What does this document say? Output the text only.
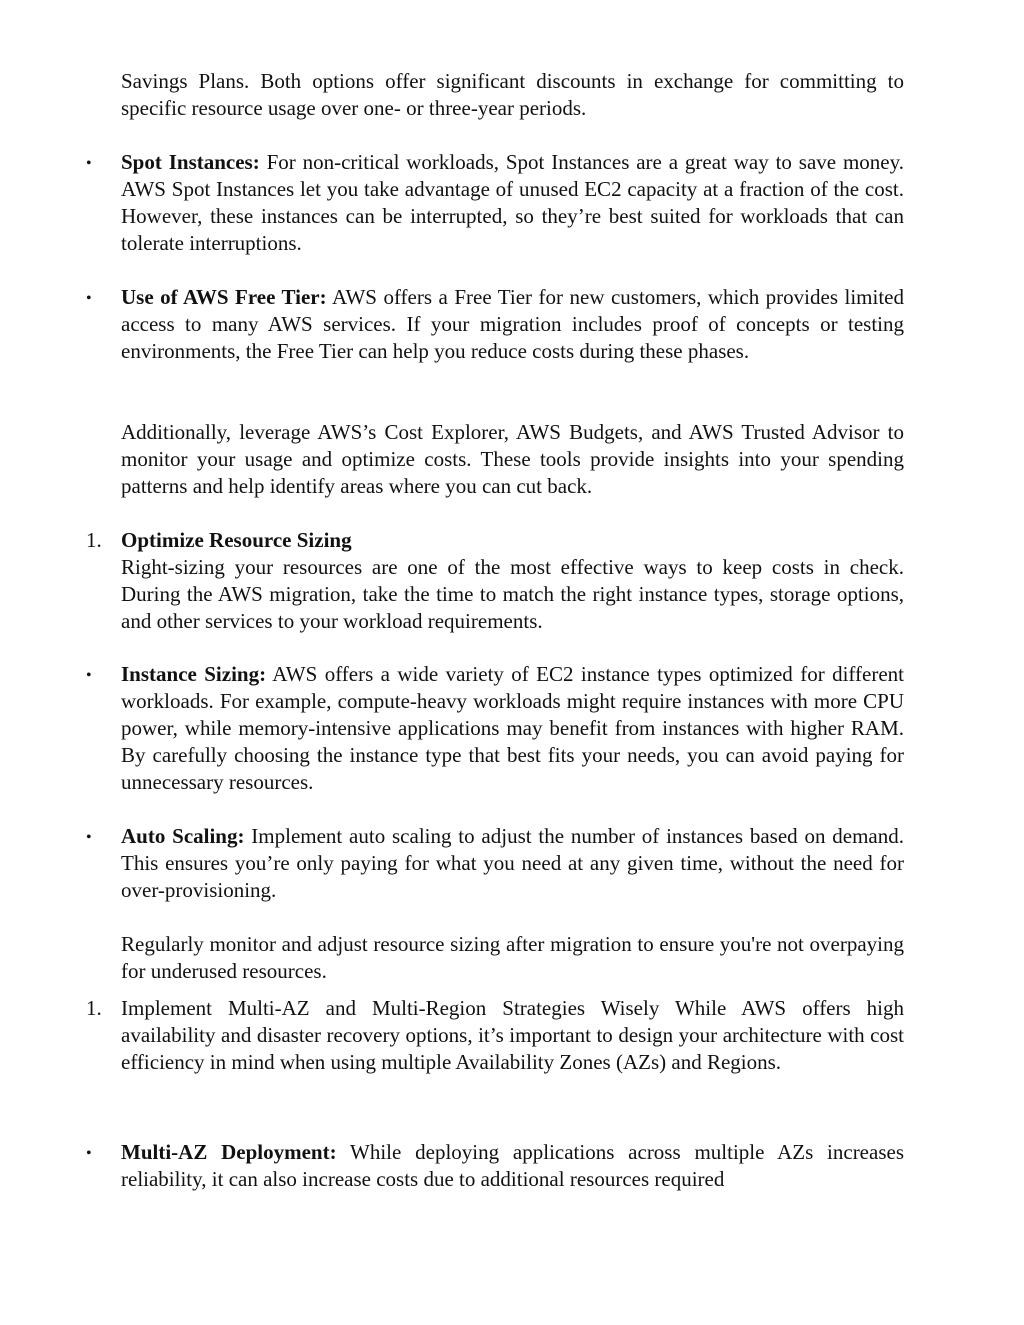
Savings Plans. Both options offer significant discounts in exchange for committing to specific resource usage over one- or three-year periods.

• Spot Instances: For non-critical workloads, Spot Instances are a great way to save money. AWS Spot Instances let you take advantage of unused EC2 capacity at a fraction of the cost. However, these instances can be interrupted, so they’re best suited for workloads that can tolerate interruptions.

• Use of AWS Free Tier: AWS offers a Free Tier for new customers, which provides limited access to many AWS services. If your migration includes proof of concepts or testing environments, the Free Tier can help you reduce costs during these phases.

Additionally, leverage AWS’s Cost Explorer, AWS Budgets, and AWS Trusted Advisor to monitor your usage and optimize costs. These tools provide insights into your spending patterns and help identify areas where you can cut back.

1. Optimize Resource Sizing

Right-sizing your resources are one of the most effective ways to keep costs in check. During the AWS migration, take the time to match the right instance types, storage options, and other services to your workload requirements.

• Instance Sizing: AWS offers a wide variety of EC2 instance types optimized for different workloads. For example, compute-heavy workloads might require instances with more CPU power, while memory-intensive applications may benefit from instances with higher RAM. By carefully choosing the instance type that best fits your needs, you can avoid paying for unnecessary resources.

• Auto Scaling: Implement auto scaling to adjust the number of instances based on demand. This ensures you’re only paying for what you need at any given time, without the need for over-provisioning.

Regularly monitor and adjust resource sizing after migration to ensure you're not overpaying for underused resources.

1. Implement Multi-AZ and Multi-Region Strategies Wisely While AWS offers high availability and disaster recovery options, it’s important to design your architecture with cost efficiency in mind when using multiple Availability Zones (AZs) and Regions.

• Multi-AZ Deployment: While deploying applications across multiple AZs increases reliability, it can also increase costs due to additional resources required
